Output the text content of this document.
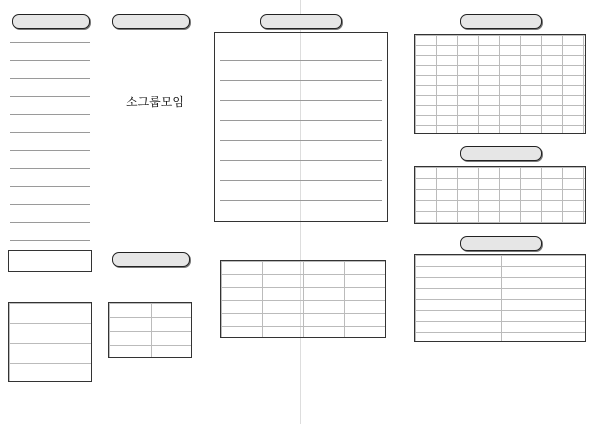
소그룹모임
